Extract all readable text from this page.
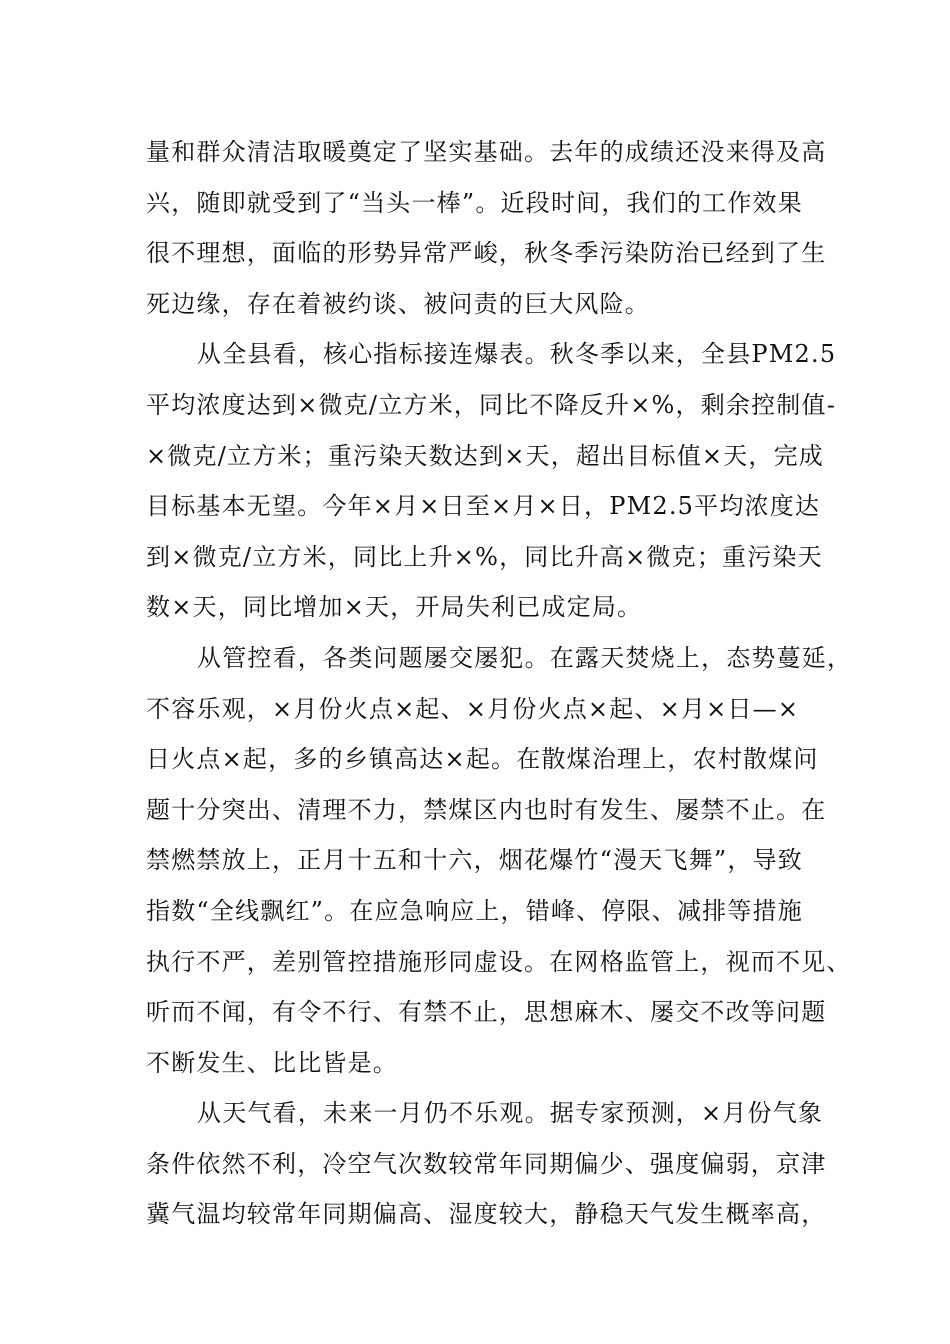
量和群众清洁取暖奠定了坚实基础。去年的成绩还没来得及高
兴，随即就受到了“当头一棒”。近段时间，我们的工作效果
很不理想，面临的形势异常严峻，秋冬季污染防治已经到了生
死边缘，存在着被约谈、被问责的巨大风险。
从全县看，核心指标接连爆表。秋冬季以来，全县PM2.5
平均浓度达到×微克/立方米，同比不降反升×%，剩余控制值-
×微克/立方米；重污染天数达到×天，超出目标值×天，完成
目标基本无望。今年×月×日至×月×日，PM2.5平均浓度达
到×微克/立方米，同比上升×%，同比升高×微克；重污染天
数×天，同比增加×天，开局失利已成定局。
从管控看，各类问题屡交屡犯。在露天焚烧上，态势蔓延，
不容乐观，×月份火点×起、×月份火点×起、×月×日—×
日火点×起，多的乡镇高达×起。在散煤治理上，农村散煤问
题十分突出、清理不力，禁煤区内也时有发生、屡禁不止。在
禁燃禁放上，正月十五和十六，烟花爆竹“漫天飞舞”，导致
指数“全线飘红”。在应急响应上，错峰、停限、减排等措施
执行不严，差别管控措施形同虚设。在网格监管上，视而不见、
听而不闻，有令不行、有禁不止，思想麻木、屡交不改等问题
不断发生、比比皆是。
从天气看，未来一月仍不乐观。据专家预测，×月份气象
条件依然不利，冷空气次数较常年同期偏少、强度偏弱，京津
冀气温均较常年同期偏高、湿度较大，静稳天气发生概率高，
